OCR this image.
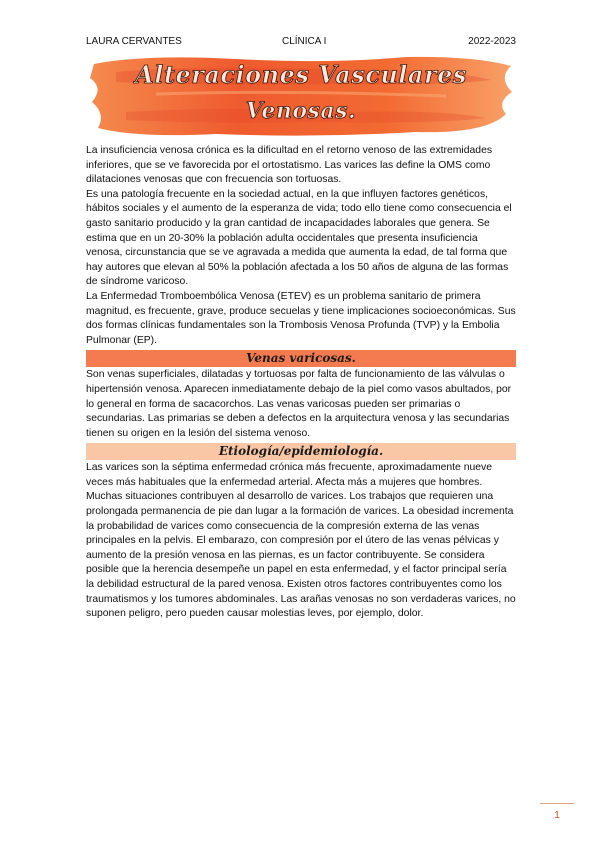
LAURA CERVANTES	CLÍNICA I	2022-2023
Alteraciones Vasculares
Venosas.

La insuficiencia venosa crónica es la dificultad en el retorno venoso de las extremidades inferiores, que se ve favorecida por el ortostatismo. Las varices las define la OMS como dilataciones venosas que con frecuencia son tortuosas.

Es una patología frecuente en la sociedad actual, en la que influyen factores genéticos, hábitos sociales y el aumento de la esperanza de vida; todo ello tiene como consecuencia el gasto sanitario producido y la gran cantidad de incapacidades laborales que genera. Se estima que en un 20-30% la población adulta occidentales que presenta insuficiencia venosa, circunstancia que se ve agravada a medida que aumenta la edad, de tal forma que hay autores que elevan al 50% la población afectada a los 50 años de alguna de las formas de síndrome varicoso.

La Enfermedad Tromboembólica Venosa (ETEV) es un problema sanitario de primera magnitud, es frecuente, grave, produce secuelas y tiene implicaciones socioeconómicas. Sus dos formas clínicas fundamentales son la Trombosis Venosa Profunda (TVP) y la Embolia Pulmonar (EP).

Venas varicosas.

Son venas superficiales, dilatadas y tortuosas por falta de funcionamiento de las válvulas o hipertensión venosa. Aparecen inmediatamente debajo de la piel como vasos abultados, por lo general en forma de sacacorchos. Las venas varicosas pueden ser primarias o secundarias. Las primarias se deben a defectos en la arquitectura venosa y las secundarias tienen su origen en la lesión del sistema venoso.

Etiología/epidemiología.

Las varices son la séptima enfermedad crónica más frecuente, aproximadamente nueve veces más habituales que la enfermedad arterial. Afecta más a mujeres que hombres. Muchas situaciones contribuyen al desarrollo de varices. Los trabajos que requieren una prolongada permanencia de pie dan lugar a la formación de varices. La obesidad incrementa la probabilidad de varices como consecuencia de la compresión externa de las venas principales en la pelvis. El embarazo, con compresión por el útero de las venas pélvicas y aumento de la presión venosa en las piernas, es un factor contribuyente. Se considera posible que la herencia desempeñe un papel en esta enfermedad, y el factor principal sería la debilidad estructural de la pared venosa. Existen otros factores contribuyentes como los traumatismos y los tumores abdominales. Las arañas venosas no son verdaderas varices, no suponen peligro, pero pueden causar molestias leves, por ejemplo, dolor.

1
